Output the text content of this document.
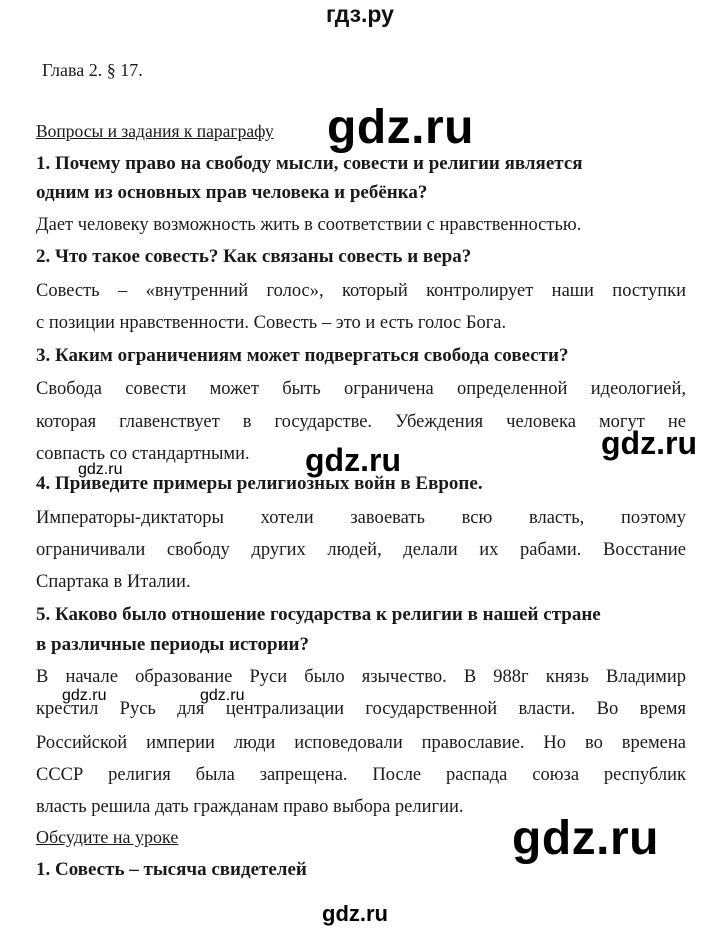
гдз.ру
Глава 2. § 17.
Вопросы и задания к параграфу gdz.ru
1. Почему право на свободу мысли, совести и религии является
одним из основных прав человека и ребёнка?
Дает человеку возможность жить в соответствии с нравственностью.
2. Что такое совесть? Как связаны совесть и вера?
Совесть – «внутренний голос», который контролирует наши поступки
с позиции нравственности. Совесть – это и есть голос Бога.
3. Каким ограничениям может подвергаться свобода совести?
Свобода совести может быть ограничена определенной идеологией,
которая главенствует в государстве. Убеждения человека могут не
совпасть со стандартными. gdz.ru	gdz.ru
gdz.ru
4. Приведите примеры религиозных войн в Европе.
Императоры-диктаторы хотели завоевать всю власть, поэтому
ограничивали свободу других людей, делали их рабами. Восстание
Спартака в Италии.
5. Каково было отношение государства к религии в нашей стране
в различные периоды истории?
В начале образование Руси было язычество. В 988г князь Владимир
gdz.ru	gdz.ru
крестил Русь для централизации государственной власти. Во время
Российской империи люди исповедовали православие. Но во времена
СССР религия была запрещена. После распада союза республик
власть решила дать гражданам право выбора религии.
Обсудите на уроке	gdz.ru
1. Совесть – тысяча свидетелей
gdz.ru
